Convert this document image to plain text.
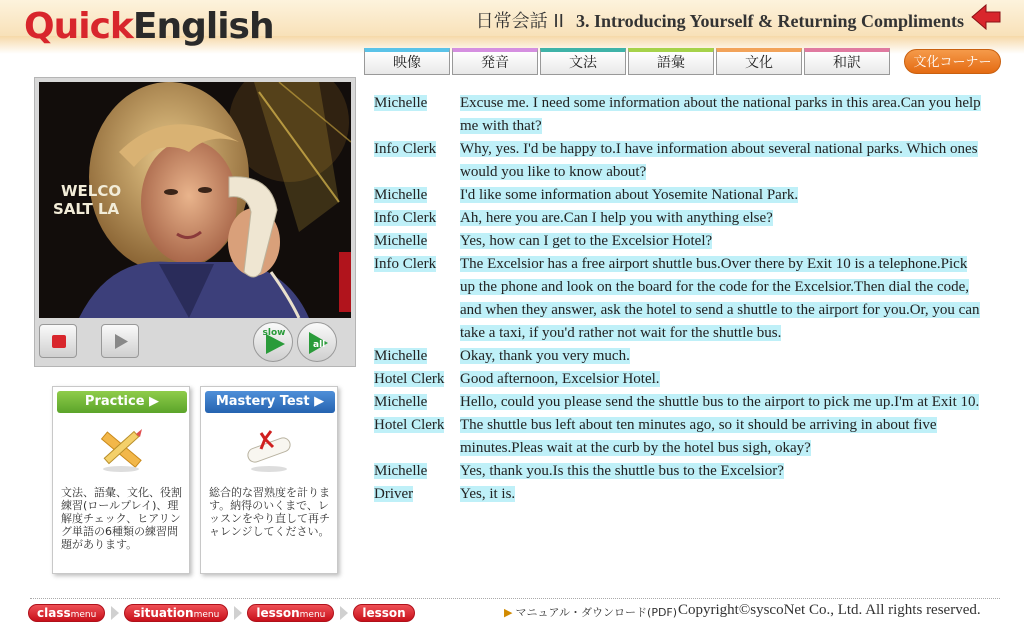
QuickEnglish	日常会話 II 3. Introducing Yourself & Returning Compliments
映像	発音	文法	語彙	文化	和訳	文化コーナー
WELCO
SALT LA
slow
all
Practice ▶
文法、語彙、文化、役割練習(ロールプレイ)、理解度チェック、ヒアリング単語の6種類の練習問題があります。
Mastery Test ▶
総合的な習熟度を計ります。納得のいくまで、レッスンをやり直して再チャレンジしてください。
Michelle	Excuse me. I need some information about the national parks in this area.Can you help me with that?
Info Clerk	Why, yes. I'd be happy to.I have information about several national parks. Which ones would you like to know about?
Michelle	I'd like some information about Yosemite National Park.
Info Clerk	Ah, here you are.Can I help you with anything else?
Michelle	Yes, how can I get to the Excelsior Hotel?
Info Clerk	The Excelsior has a free airport shuttle bus.Over there by Exit 10 is a telephone.Pick up the phone and look on the board for the code for the Excelsior.Then dial the code, and when they answer, ask the hotel to send a shuttle to the airport for you.Or, you can take a taxi, if you'd rather not wait for the shuttle bus.
Michelle	Okay, thank you very much.
Hotel Clerk	Good afternoon, Excelsior Hotel.
Michelle	Hello, could you please send the shuttle bus to the airport to pick me up.I'm at Exit 10.
Hotel Clerk	The shuttle bus left about ten minutes ago, so it should be arriving in about five minutes.Pleas wait at the curb by the hotel bus sigh, okay?
Michelle	Yes, thank you.Is this the shuttle bus to the Excelsior?
Driver	Yes, it is.
classmenu	situationmenu	lessonmenu	lesson	▶ マニュアル・ダウンロード(PDF) Copyright©syscoNet Co., Ltd. All rights reserved.
